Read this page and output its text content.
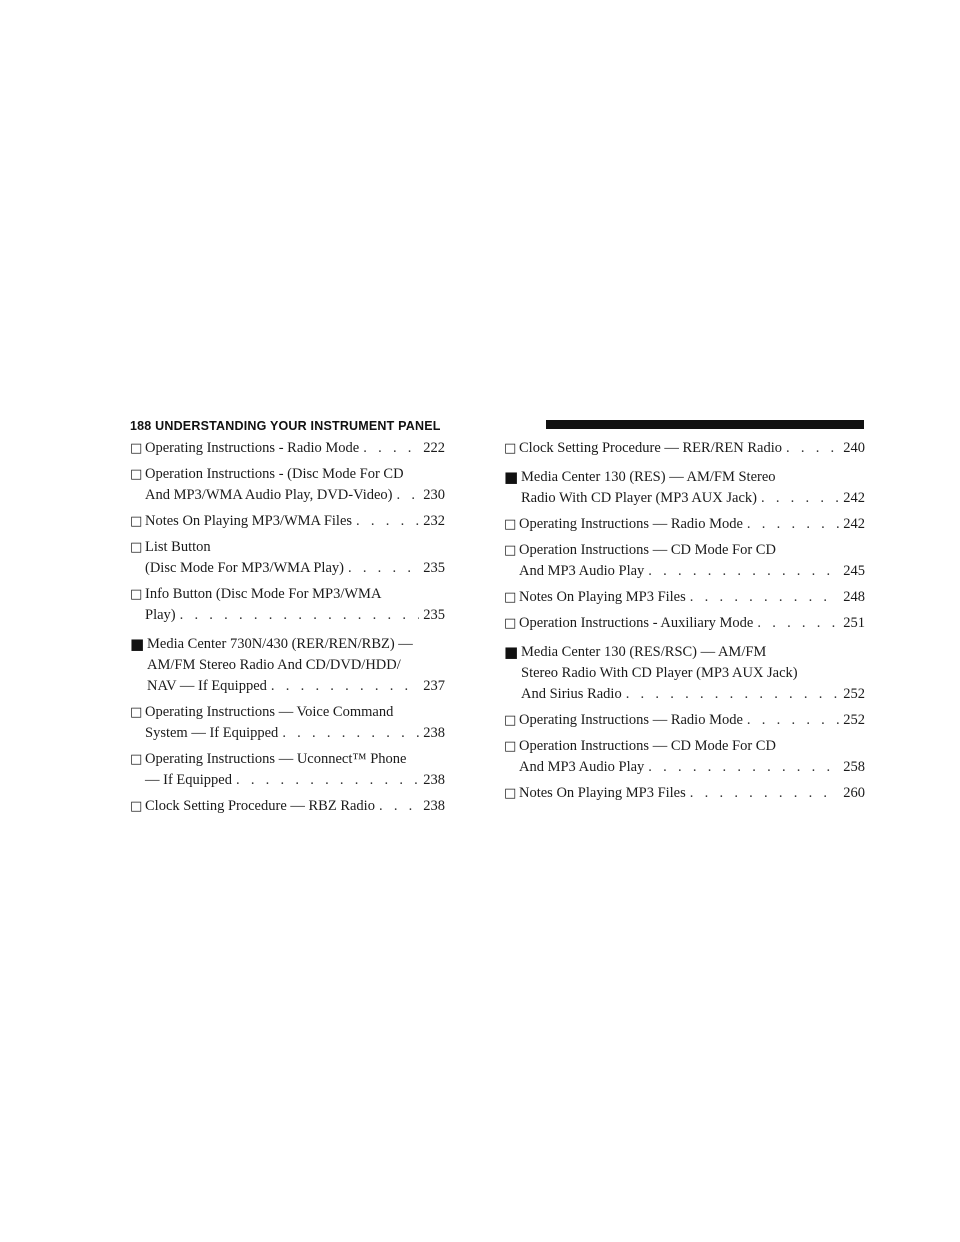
188 UNDERSTANDING YOUR INSTRUMENT PANEL
□ Operating Instructions - Radio Mode . . .	222
□ Operation Instructions - (Disc Mode For CD
And MP3/WMA Audio Play, DVD-Video) . . . 230
□ Notes On Playing MP3/WMA Files . . .	232
□ List Button
(Disc Mode For MP3/WMA Play) . . .	235
□ Info Button (Disc Mode For MP3/WMA
Play) . . .	235
■ Media Center 730N/430 (RER/REN/RBZ) —
AM/FM Stereo Radio And CD/DVD/HDD/
NAV — If Equipped . . .	237
□ Operating Instructions — Voice Command
System — If Equipped . . .	238
□ Operating Instructions — Uconnect™ Phone
— If Equipped . . .	238
□ Clock Setting Procedure — RBZ Radio . . .	238
□ Clock Setting Procedure — RER/REN Radio . . .	240
■ Media Center 130 (RES) — AM/FM Stereo
Radio With CD Player (MP3 AUX Jack) . . .	242
□ Operating Instructions — Radio Mode . . .	242
□ Operation Instructions — CD Mode For CD
And MP3 Audio Play . . .	245
□ Notes On Playing MP3 Files . . .	248
□ Operation Instructions - Auxiliary Mode . . .	251
■ Media Center 130 (RES/RSC) — AM/FM
Stereo Radio With CD Player (MP3 AUX Jack)
And Sirius Radio . . .	252
□ Operating Instructions — Radio Mode . . .	252
□ Operation Instructions — CD Mode For CD
And MP3 Audio Play . . .	258
□ Notes On Playing MP3 Files . . .	260
